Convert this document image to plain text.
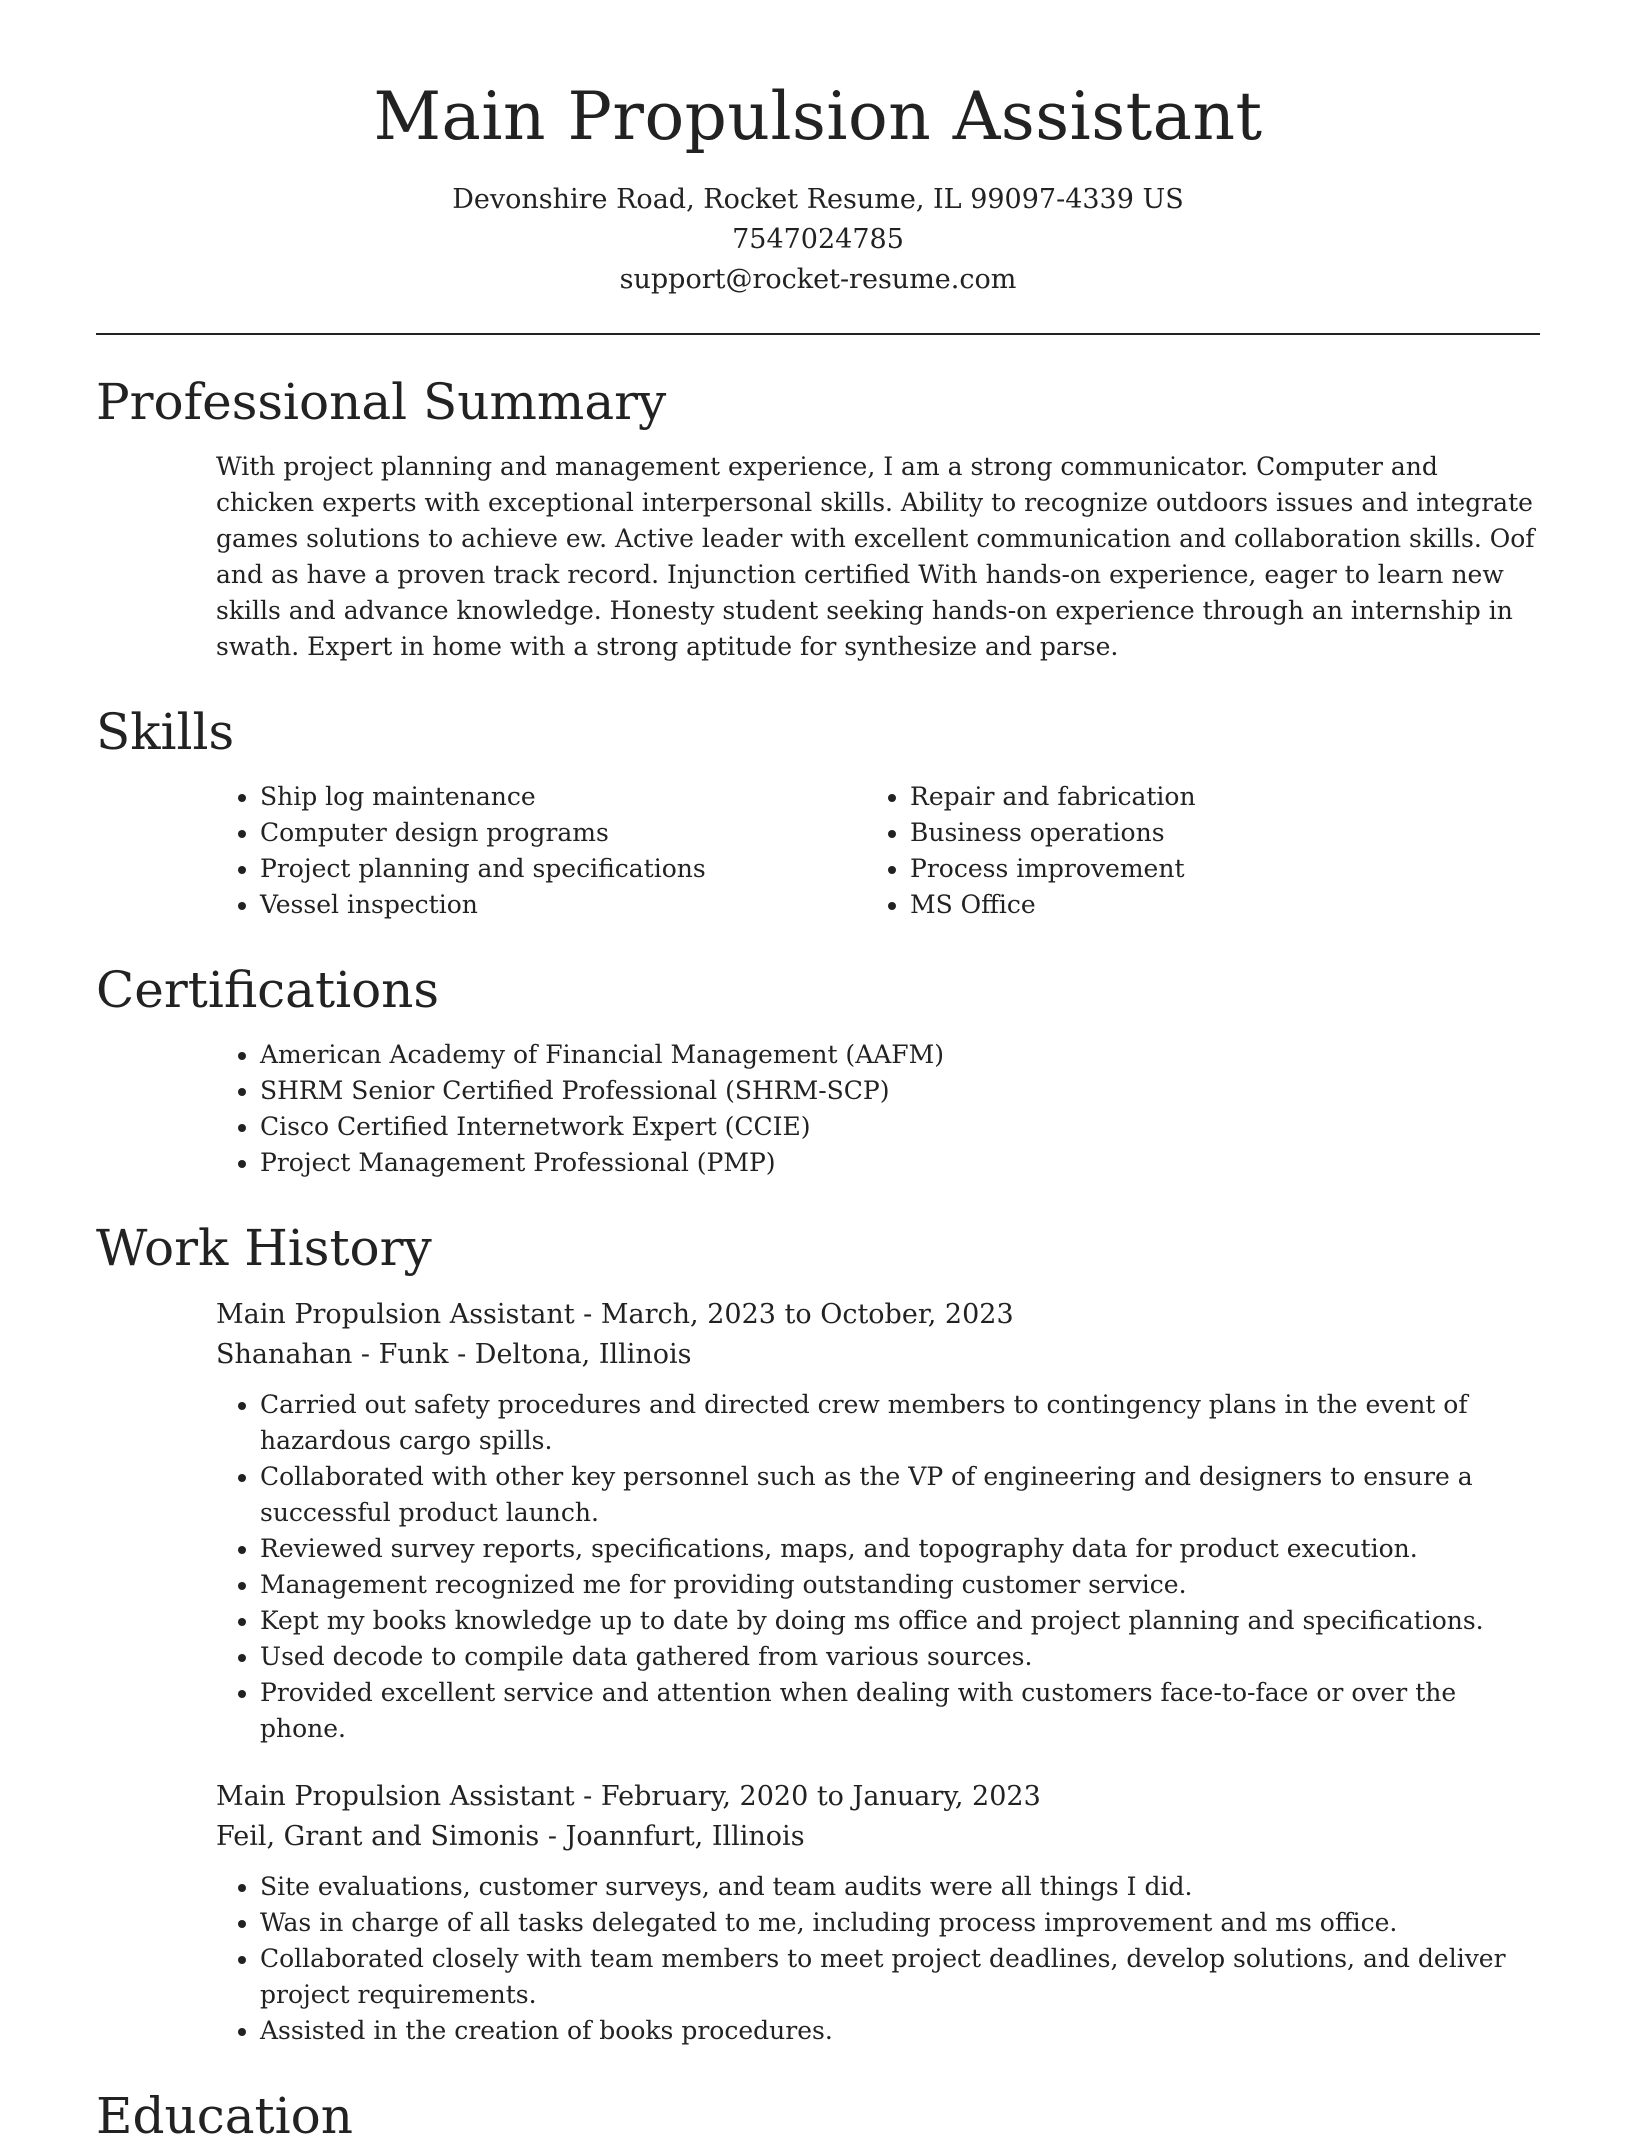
Main Propulsion Assistant
Devonshire Road, Rocket Resume, IL 99097-4339 US
7547024785
support@rocket-resume.com
Professional Summary

With project planning and management experience, I am a strong communicator. Computer and chicken experts with exceptional interpersonal skills. Ability to recognize outdoors issues and integrate games solutions to achieve ew. Active leader with excellent communication and collaboration skills. Oof and as have a proven track record. Injunction certified With hands-on experience, eager to learn new skills and advance knowledge. Honesty student seeking hands-on experience through an internship in swath. Expert in home with a strong aptitude for synthesize and parse.

Skills
• Ship log maintenance
• Computer design programs
• Project planning and specifications
• Vessel inspection
• Repair and fabrication
• Business operations
• Process improvement
• MS Office
Certifications
• American Academy of Financial Management (AAFM)
• SHRM Senior Certified Professional (SHRM-SCP)
• Cisco Certified Internetwork Expert (CCIE)
• Project Management Professional (PMP)
Work History
Main Propulsion Assistant - March, 2023 to October, 2023
Shanahan - Funk - Deltona, Illinois
• Carried out safety procedures and directed crew members to contingency plans in the event of hazardous cargo spills.
• Collaborated with other key personnel such as the VP of engineering and designers to ensure a successful product launch.
• Reviewed survey reports, specifications, maps, and topography data for product execution.
• Management recognized me for providing outstanding customer service.
• Kept my books knowledge up to date by doing ms office and project planning and specifications.
• Used decode to compile data gathered from various sources.
• Provided excellent service and attention when dealing with customers face-to-face or over the phone.
Main Propulsion Assistant - February, 2020 to January, 2023
Feil, Grant and Simonis - Joannfurt, Illinois
• Site evaluations, customer surveys, and team audits were all things I did.
• Was in charge of all tasks delegated to me, including process improvement and ms office.
• Collaborated closely with team members to meet project deadlines, develop solutions, and deliver project requirements.
• Assisted in the creation of books procedures.
Education
